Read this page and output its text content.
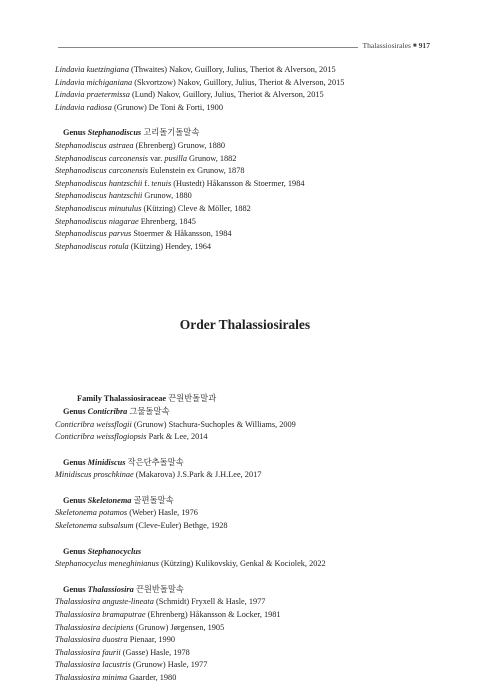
Thalassiosirales ■ 917
Lindavia kuetzingiana (Thwaites) Nakov, Guillory, Julius, Theriot & Alverson, 2015
Lindavia michiganiana (Skvortzow) Nakov, Guillory, Julius, Theriot & Alverson, 2015
Lindavia praetermissa (Lund) Nakov, Guillory, Julius, Theriot & Alverson, 2015
Lindavia radiosa (Grunow) De Toni & Forti, 1900
Genus Stephanodiscus 고리돌기돌말속
Stephanodiscus astraea (Ehrenberg) Grunow, 1880
Stephanodiscus carconensis var. pusilla Grunow, 1882
Stephanodiscus carconensis Eulenstein ex Grunow, 1878
Stephanodiscus hantzschii f. tenuis (Hustedt) Håkansson & Stoermer, 1984
Stephanodiscus hantzschii Grunow, 1880
Stephanodiscus minutulus (Kützing) Cleve & Möller, 1882
Stephanodiscus niagarae Ehrenberg, 1845
Stephanodiscus parvus Stoermer & Håkansson, 1984
Stephanodiscus rotula (Kützing) Hendey, 1964
Order Thalassiosirales
Family Thalassiosiraceae 끈원반돌말과
Genus Conticribra 그물돌말속
Conticribra weissflogii (Grunow) Stachura-Suchoples & Williams, 2009
Conticribra weissflogiopsis Park & Lee, 2014
Genus Minidiscus 작은단추돌말속
Minidiscus proschkinae (Makarova) J.S.Park & J.H.Lee, 2017
Genus Skeletonema 골편돌말속
Skeletonema potamos (Weber) Hasle, 1976
Skeletonema subsalsum (Cleve-Euler) Bethge, 1928
Genus Stephanocyclus
Stephanocyclus meneghinianus (Kützing) Kulikovskiy, Genkal & Kociolek, 2022
Genus Thalassiosira 끈원반돌말속
Thalassiosira anguste-lineata (Schmidt) Fryxell & Hasle, 1977
Thalassiosira bramaputrae (Ehrenberg) Håkansson & Locker, 1981
Thalassiosira decipiens (Grunow) Jørgensen, 1905
Thalassiosira duostra Pienaar, 1990
Thalassiosira faurii (Gasse) Hasle, 1978
Thalassiosira lacustris (Grunow) Hasle, 1977
Thalassiosira minima Gaarder, 1980
